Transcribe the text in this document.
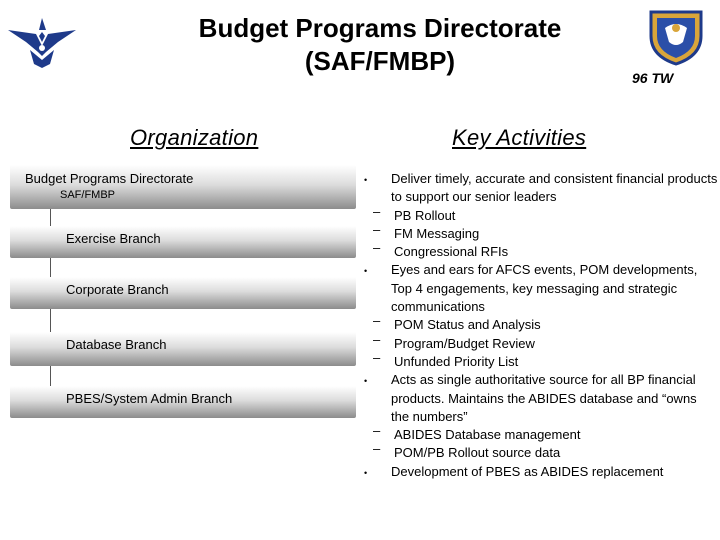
Budget Programs Directorate
(SAF/FMBP)
96 TW
Organization	Key Activities
Budget Programs Directorate
SAF/FMBP
Exercise Branch
Corporate Branch
Database Branch
PBES/System Admin Branch
• Deliver timely, accurate and consistent financial products to support our senior leaders
– PB Rollout
– FM Messaging
– Congressional RFIs
• Eyes and ears for AFCS events, POM developments, Top 4 engagements, key messaging and strategic communications
– POM Status and Analysis
– Program/Budget Review
– Unfunded Priority List
• Acts as single authoritative source for all BP financial products. Maintains the ABIDES database and “owns the numbers”
– ABIDES Database management
– POM/PB Rollout source data
• Development of PBES as ABIDES replacement
